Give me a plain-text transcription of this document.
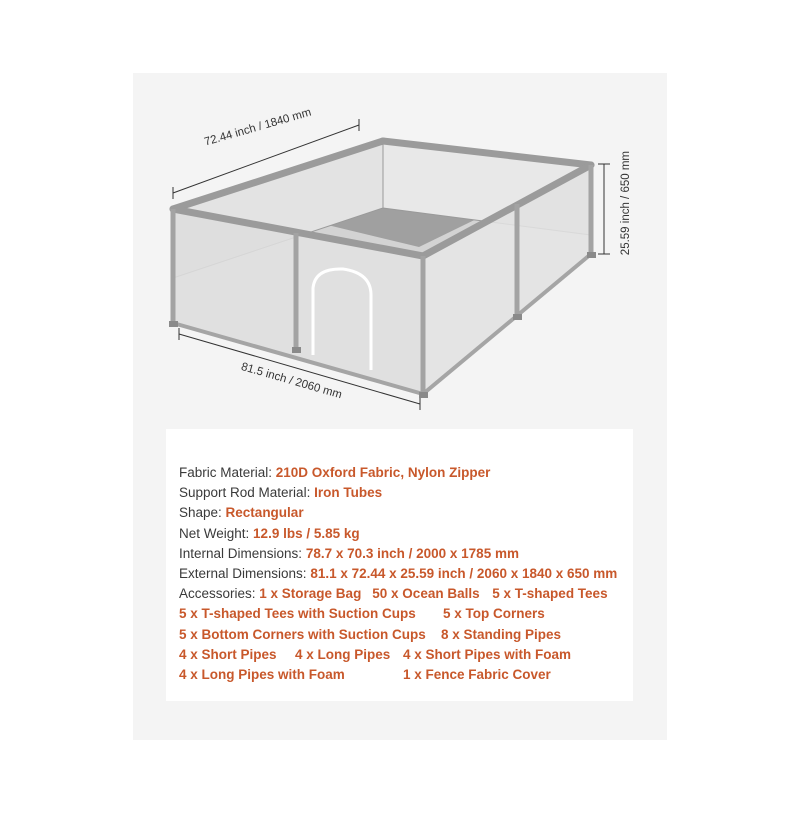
72.44 inch / 1840 mm
81.5 inch / 2060 mm
25.59 inch / 650 mm
Fabric Material: 210D Oxford Fabric, Nylon Zipper
Support Rod Material: Iron Tubes
Shape: Rectangular
Net Weight: 12.9 lbs / 5.85 kg
Internal Dimensions: 78.7 x 70.3 inch / 2000 x 1785 mm
External Dimensions: 81.1 x 72.44 x 25.59 inch / 2060 x 1840 x 650 mm
Accessories: 1 x Storage Bag 50 x Ocean Balls 5 x T-shaped Tees
5 x T-shaped Tees with Suction Cups 5 x Top Corners
5 x Bottom Corners with Suction Cups 8 x Standing Pipes
4 x Short Pipes 4 x Long Pipes 4 x Short Pipes with Foam
4 x Long Pipes with Foam	1 x Fence Fabric Cover
